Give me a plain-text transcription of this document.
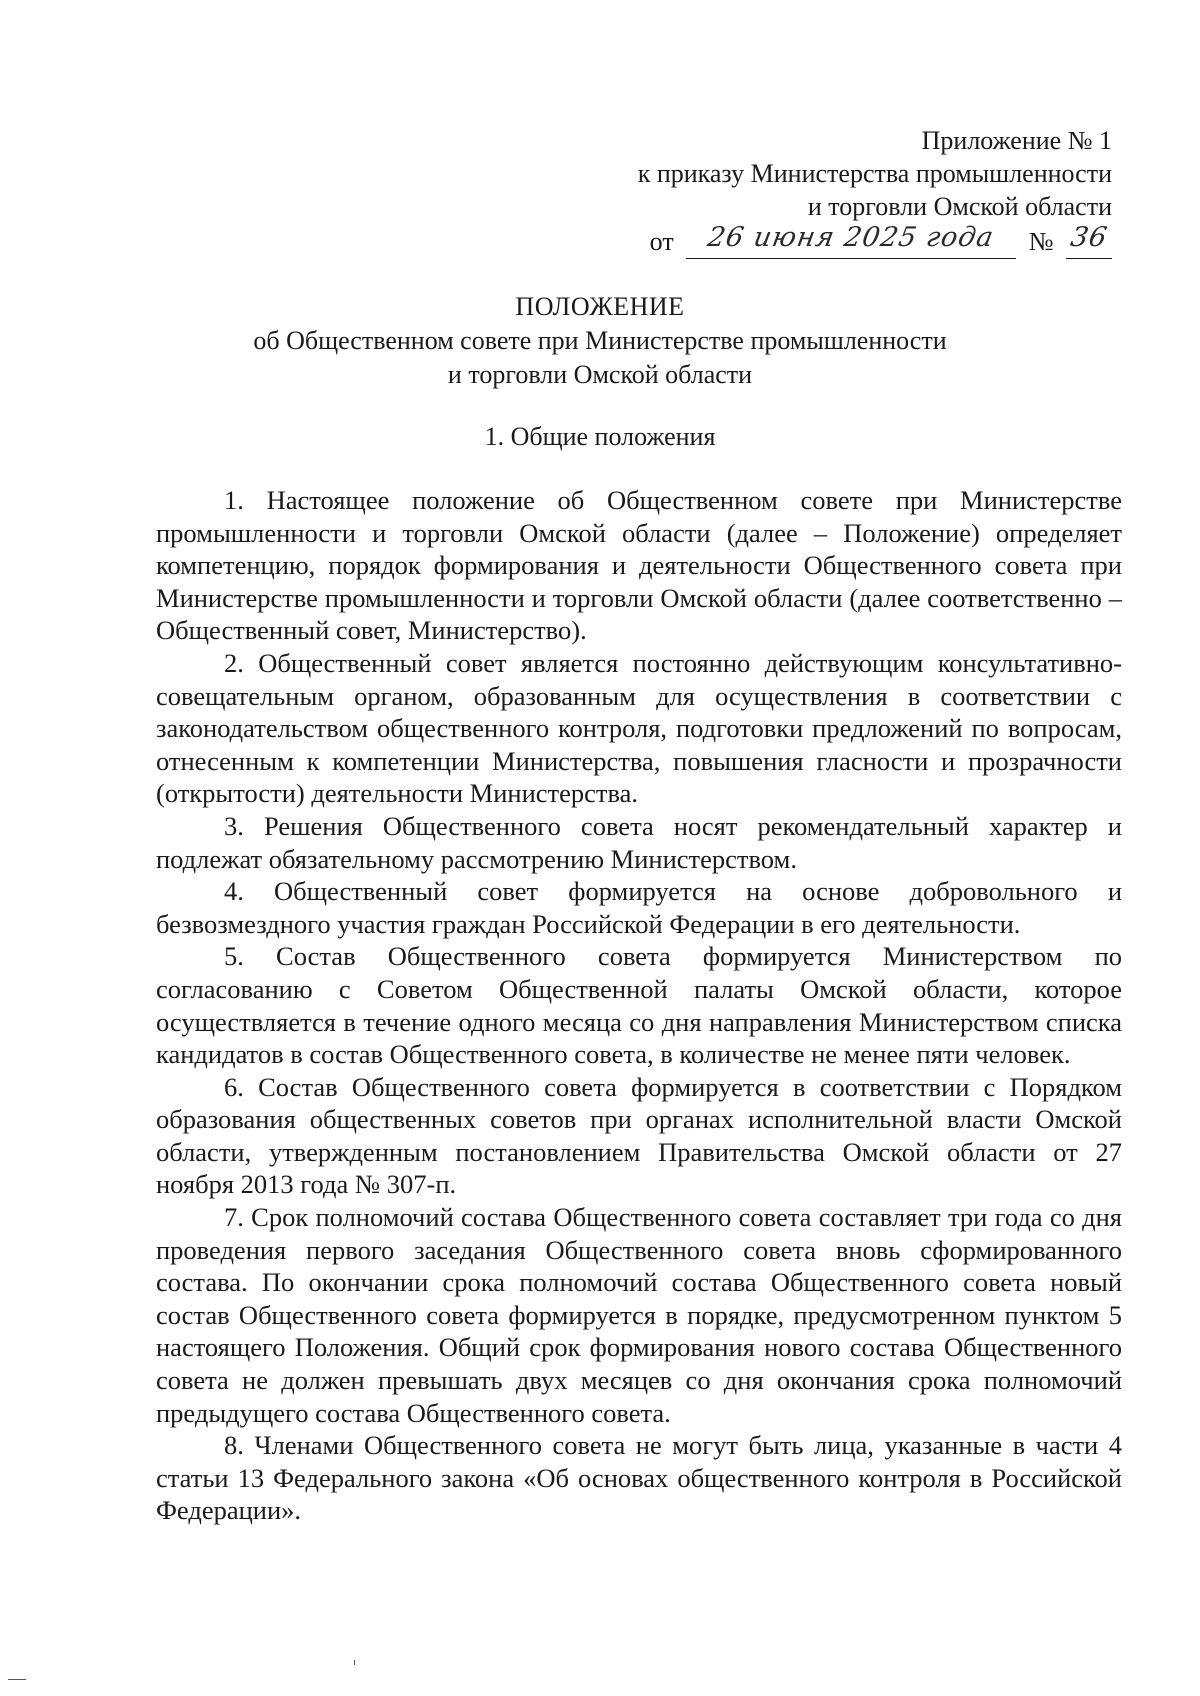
Приложение № 1
к приказу Министерства промышленности
и торговли Омской области
от 26 июня 2025 года № 36
ПОЛОЖЕНИЕ
об Общественном совете при Министерстве промышленности
и торговли Омской области
1. Общие положения

1. Настоящее положение об Общественном совете при Министерстве промышленности и торговли Омской области (далее – Положение) определяет компетенцию, порядок формирования и деятельности Общественного совета при Министерстве промышленности и торговли Омской области (далее соответственно – Общественный совет, Министерство).

2. Общественный совет является постоянно действующим консультативно-совещательным органом, образованным для осуществления в соответствии с законодательством общественного контроля, подготовки предложений по вопросам, отнесенным к компетенции Министерства, повышения гласности и прозрачности (открытости) деятельности Министерства.

3. Решения Общественного совета носят рекомендательный характер и подлежат обязательному рассмотрению Министерством.

4. Общественный совет формируется на основе добровольного и безвозмездного участия граждан Российской Федерации в его деятельности.

5. Состав Общественного совета формируется Министерством по согласованию с Советом Общественной палаты Омской области, которое осуществляется в течение одного месяца со дня направления Министерством списка кандидатов в состав Общественного совета, в количестве не менее пяти человек.

6. Состав Общественного совета формируется в соответствии с Порядком образования общественных советов при органах исполнительной власти Омской области, утвержденным постановлением Правительства Омской области от 27 ноября 2013 года № 307-п.

7. Срок полномочий состава Общественного совета составляет три года со дня проведения первого заседания Общественного совета вновь сформированного состава. По окончании срока полномочий состава Общественного совета новый состав Общественного совета формируется в порядке, предусмотренном пунктом 5 настоящего Положения. Общий срок формирования нового состава Общественного совета не должен превышать двух месяцев со дня окончания срока полномочий предыдущего состава Общественного совета.

8. Членами Общественного совета не могут быть лица, указанные в части 4 статьи 13 Федерального закона «Об основах общественного контроля в Российской Федерации».
